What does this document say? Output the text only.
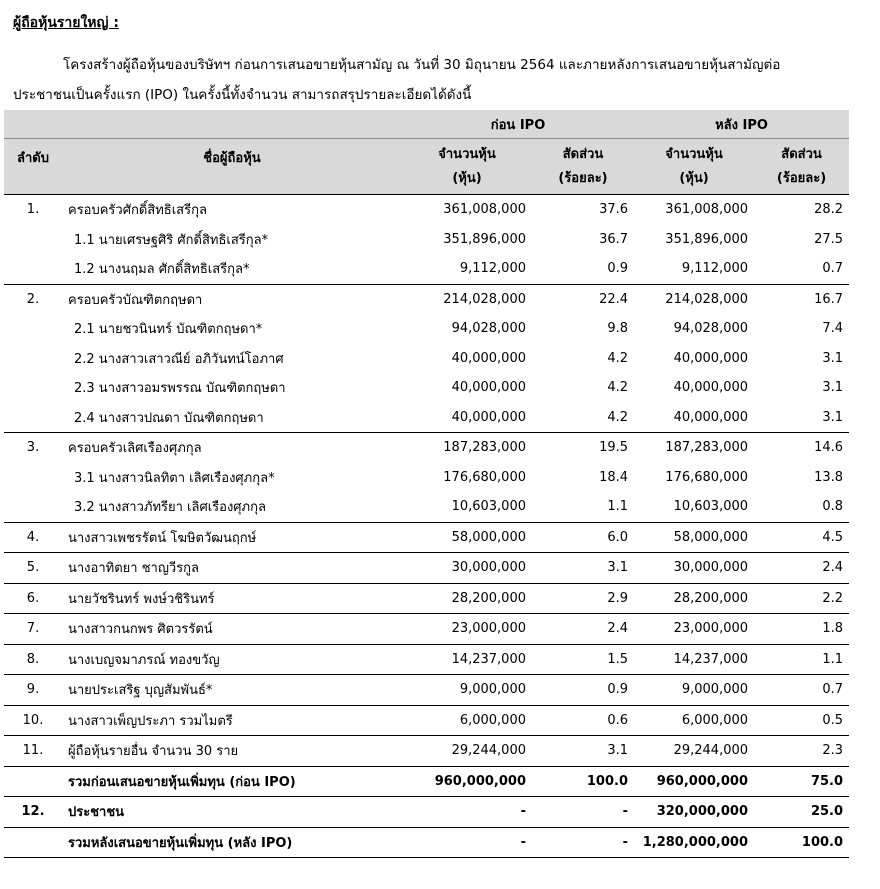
ผู้ถือหุ้นรายใหญ่ :
โครงสร้างผู้ถือหุ้นของบริษัทฯ ก่อนการเสนอขายหุ้นสามัญ ณ วันที่ 30 มิถุนายน 2564 และภายหลังการเสนอขายหุ้นสามัญต่อ
ประชาชนเป็นครั้งแรก (IPO) ในครั้งนี้ทั้งจำนวน สามารถสรุปรายละเอียดได้ดังนี้
		ก่อน IPO		หลัง IPO	
ลำดับ	ชื่อผู้ถือหุ้น	จำนวนหุ้น	สัดส่วน	จำนวนหุ้น	สัดส่วน
		(หุ้น)	(ร้อยละ)	(หุ้น)	(ร้อยละ)
1.	ครอบครัวศักดิ์สิทธิเสรีกุล	361,008,000	37.6	361,008,000	28.2
	1.1 นายเศรษฐศิริ ศักดิ์สิทธิเสรีกุล*	351,896,000	36.7	351,896,000	27.5
	1.2 นางนฤมล ศักดิ์สิทธิเสรีกุล*	9,112,000	0.9	9,112,000	0.7
2.	ครอบครัวบัณฑิตกฤษดา	214,028,000	22.4	214,028,000	16.7
	2.1 นายชวนินทร์ บัณฑิตกฤษดา*	94,028,000	9.8	94,028,000	7.4
	2.2 นางสาวเสาวณีย์ อภิวันทน์โอภาศ	40,000,000	4.2	40,000,000	3.1
	2.3 นางสาวอมรพรรณ บัณฑิตกฤษดา	40,000,000	4.2	40,000,000	3.1
	2.4 นางสาวปณดา บัณฑิตกฤษดา	40,000,000	4.2	40,000,000	3.1
3.	ครอบครัวเลิศเรืองศุภกุล	187,283,000	19.5	187,283,000	14.6
	3.1 นางสาวนิลทิตา เลิศเรืองศุภกุล*	176,680,000	18.4	176,680,000	13.8
	3.2 นางสาวภัทรียา เลิศเรืองศุภกุล	10,603,000	1.1	10,603,000	0.8
4.	นางสาวเพชรรัตน์ โฆษิตวัฒนฤกษ์	58,000,000	6.0	58,000,000	4.5
5.	นางอาทิตยา ชาญวีรกูล	30,000,000	3.1	30,000,000	2.4
6.	นายวัชรินทร์ พงษ์วชิรินทร์	28,200,000	2.9	28,200,000	2.2
7.	นางสาวกนกพร ศิตวรรัตน์	23,000,000	2.4	23,000,000	1.8
8.	นางเบญจมาภรณ์ ทองขวัญ	14,237,000	1.5	14,237,000	1.1
9.	นายประเสริฐ บุญสัมพันธ์*	9,000,000	0.9	9,000,000	0.7
10.	นางสาวเพ็ญประภา รวมไมตรี	6,000,000	0.6	6,000,000	0.5
11.	ผู้ถือหุ้นรายอื่น จำนวน 30 ราย	29,244,000	3.1	29,244,000	2.3
	รวมก่อนเสนอขายหุ้นเพิ่มทุน (ก่อน IPO)	960,000,000	100.0	960,000,000	75.0
12.	ประชาชน	-	-	320,000,000	25.0
	รวมหลังเสนอขายหุ้นเพิ่มทุน (หลัง IPO)	-	-	1,280,000,000	100.0
